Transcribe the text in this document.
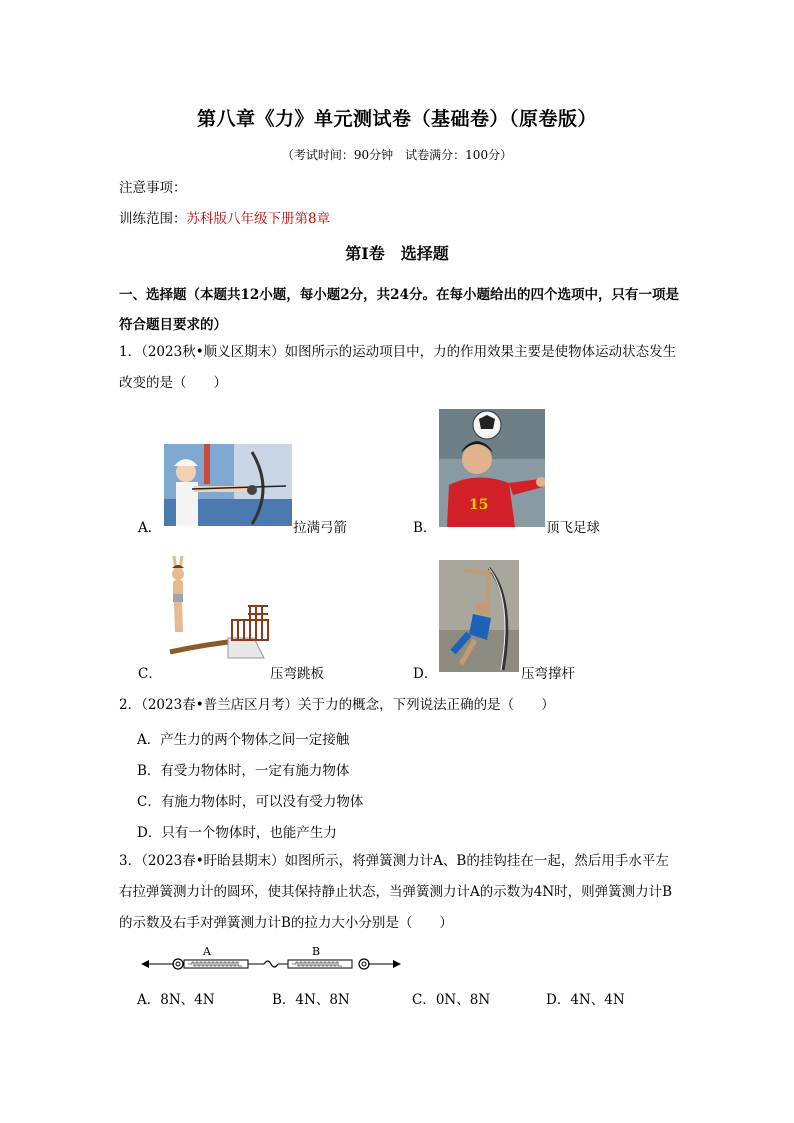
第八章《力》单元测试卷（基础卷）（原卷版）
（考试时间：90分钟　试卷满分：100分）
注意事项：
训练范围：苏科版八年级下册第8章
第Ⅰ卷　选择题
一、选择题（本题共12小题，每小题2分，共24分。在每小题给出的四个选项中，只有一项是符合题目要求的）
1．（2023秋•顺义区期末）如图所示的运动项目中，力的作用效果主要是使物体运动状态发生改变的是（　　）
A．	拉满弓箭	B．
15
顶飞足球
C．	压弯跳板	D．	压弯撑杆
2．（2023春•普兰店区月考）关于力的概念，下列说法正确的是（　　）
A．产生力的两个物体之间一定接触
B．有受力物体时，一定有施力物体
C．有施力物体时，可以没有受力物体
D．只有一个物体时，也能产生力
3．（2023春•盱眙县期末）如图所示，将弹簧测力计A、B的挂钩挂在一起，然后用手水平左右拉弹簧测力计的圆环，使其保持静止状态，当弹簧测力计A的示数为4N时，则弹簧测力计B的示数及右手对弹簧测力计B的拉力大小分别是（　　）
A	B
A．8N、4N	B．4N、8N	C．0N、8N	D．4N、4N
